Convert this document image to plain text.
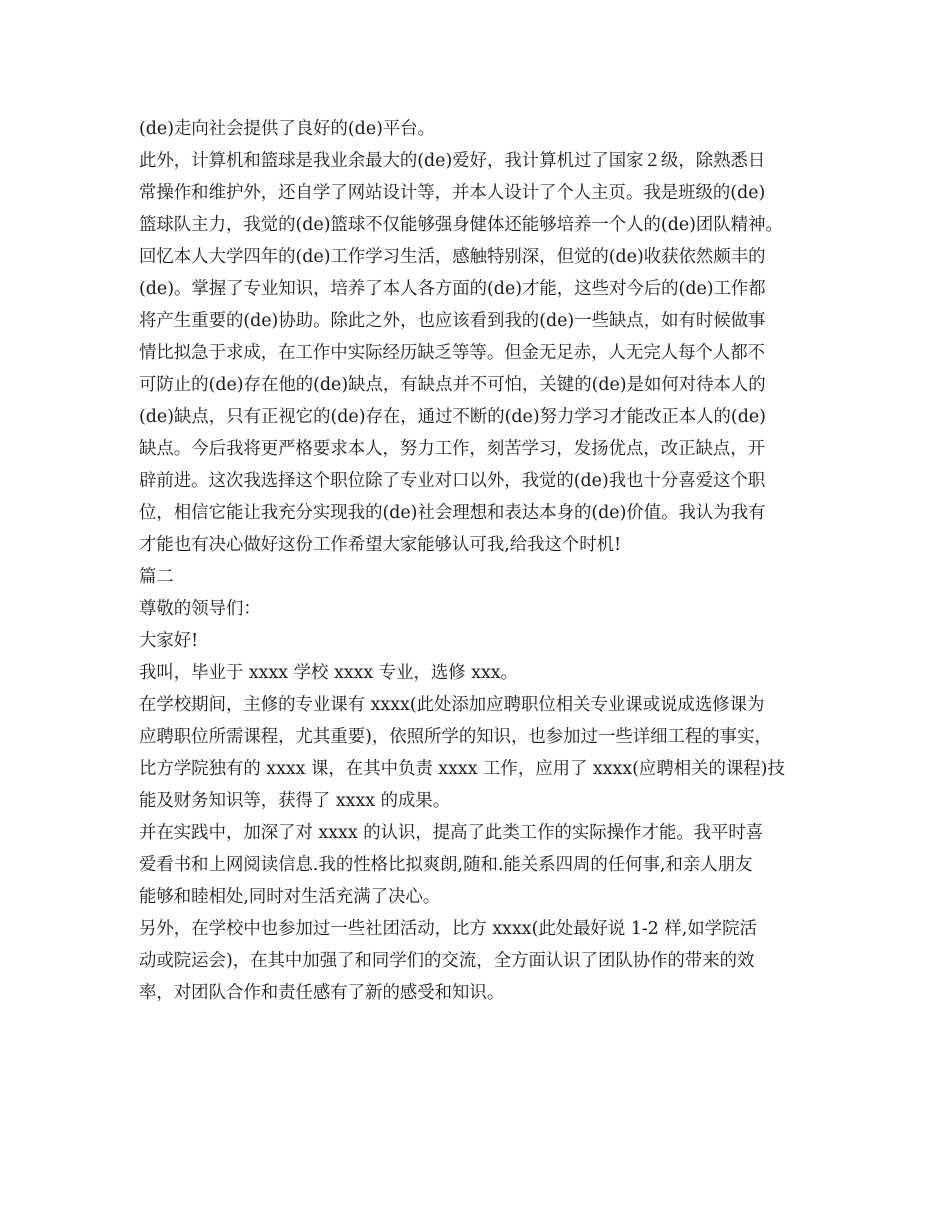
(de)走向社会提供了良好的(de)平台。
此外，计算机和篮球是我业余最大的(de)爱好，我计算机过了国家２级，除熟悉日
常操作和维护外，还自学了网站设计等，并本人设计了个人主页。我是班级的(de)
篮球队主力，我觉的(de)篮球不仅能够强身健体还能够培养一个人的(de)团队精神。
回忆本人大学四年的(de)工作学习生活，感触特别深，但觉的(de)收获依然颇丰的
(de)。掌握了专业知识，培养了本人各方面的(de)才能，这些对今后的(de)工作都
将产生重要的(de)协助。除此之外，也应该看到我的(de)一些缺点，如有时候做事
情比拟急于求成，在工作中实际经历缺乏等等。但金无足赤，人无完人每个人都不
可防止的(de)存在他的(de)缺点，有缺点并不可怕，关键的(de)是如何对待本人的
(de)缺点，只有正视它的(de)存在，通过不断的(de)努力学习才能改正本人的(de)
缺点。今后我将更严格要求本人，努力工作，刻苦学习，发扬优点，改正缺点，开
辟前进。这次我选择这个职位除了专业对口以外，我觉的(de)我也十分喜爱这个职
位，相信它能让我充分实现我的(de)社会理想和表达本身的(de)价值。我认为我有
才能也有决心做好这份工作希望大家能够认可我,给我这个时机!
篇二
尊敬的领导们：
大家好!
我叫，毕业于 xxxx 学校 xxxx 专业，选修 xxx。
在学校期间，主修的专业课有 xxxx(此处添加应聘职位相关专业课或说成选修课为
应聘职位所需课程，尤其重要)，依照所学的知识，也参加过一些详细工程的事实，
比方学院独有的 xxxx 课，在其中负责 xxxx 工作，应用了 xxxx(应聘相关的课程)技
能及财务知识等，获得了 xxxx 的成果。
并在实践中，加深了对 xxxx 的认识，提高了此类工作的实际操作才能。我平时喜
爱看书和上网阅读信息.我的性格比拟爽朗,随和.能关系四周的任何事,和亲人朋友
能够和睦相处,同时对生活充满了决心。
另外，在学校中也参加过一些社团活动，比方 xxxx(此处最好说 1-2 样,如学院活
动或院运会)，在其中加强了和同学们的交流，全方面认识了团队协作的带来的效
率，对团队合作和责任感有了新的感受和知识。
